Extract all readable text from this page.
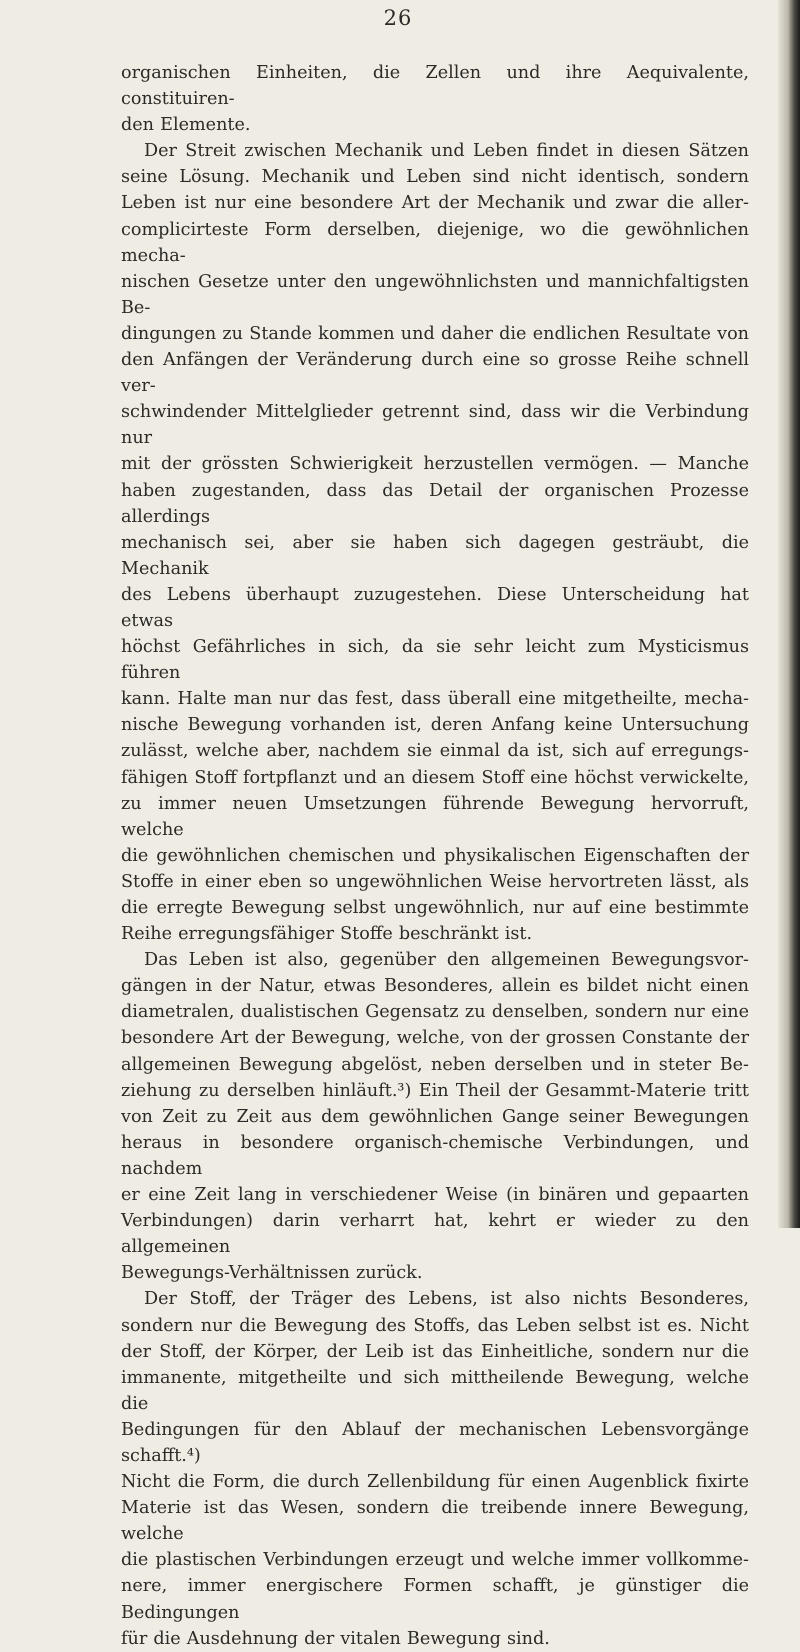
26

organischen Einheiten, die Zellen und ihre Aequivalente, constituiren-

den Elemente.

Der Streit zwischen Mechanik und Leben findet in diesen Sätzen

seine Lösung. Mechanik und Leben sind nicht identisch, sondern

Leben ist nur eine besondere Art der Mechanik und zwar die aller-

complicirteste Form derselben, diejenige, wo die gewöhnlichen mecha-

nischen Gesetze unter den ungewöhnlichsten und mannichfaltigsten Be-

dingungen zu Stande kommen und daher die endlichen Resultate von

den Anfängen der Veränderung durch eine so grosse Reihe schnell ver-

schwindender Mittelglieder getrennt sind, dass wir die Verbindung nur

mit der grössten Schwierigkeit herzustellen vermögen. — Manche

haben zugestanden, dass das Detail der organischen Prozesse allerdings

mechanisch sei, aber sie haben sich dagegen gesträubt, die Mechanik

des Lebens überhaupt zuzugestehen. Diese Unterscheidung hat etwas

höchst Gefährliches in sich, da sie sehr leicht zum Mysticismus führen

kann. Halte man nur das fest, dass überall eine mitgetheilte, mecha-

nische Bewegung vorhanden ist, deren Anfang keine Untersuchung

zulässt, welche aber, nachdem sie einmal da ist, sich auf erregungs-

fähigen Stoff fortpflanzt und an diesem Stoff eine höchst verwickelte,

zu immer neuen Umsetzungen führende Bewegung hervorruft, welche

die gewöhnlichen chemischen und physikalischen Eigenschaften der

Stoffe in einer eben so ungewöhnlichen Weise hervortreten lässt, als

die erregte Bewegung selbst ungewöhnlich, nur auf eine bestimmte

Reihe erregungsfähiger Stoffe beschränkt ist.

Das Leben ist also, gegenüber den allgemeinen Bewegungsvor-

gängen in der Natur, etwas Besonderes, allein es bildet nicht einen

diametralen, dualistischen Gegensatz zu denselben, sondern nur eine

besondere Art der Bewegung, welche, von der grossen Constante der

allgemeinen Bewegung abgelöst, neben derselben und in steter Be-

ziehung zu derselben hinläuft.³) Ein Theil der Gesammt-Materie tritt

von Zeit zu Zeit aus dem gewöhnlichen Gange seiner Bewegungen

heraus in besondere organisch-chemische Verbindungen, und nachdem

er eine Zeit lang in verschiedener Weise (in binären und gepaarten

Verbindungen) darin verharrt hat, kehrt er wieder zu den allgemeinen

Bewegungs-Verhältnissen zurück.

Der Stoff, der Träger des Lebens, ist also nichts Besonderes,

sondern nur die Bewegung des Stoffs, das Leben selbst ist es. Nicht

der Stoff, der Körper, der Leib ist das Einheitliche, sondern nur die

immanente, mitgetheilte und sich mittheilende Bewegung, welche die

Bedingungen für den Ablauf der mechanischen Lebensvorgänge schafft.⁴)

Nicht die Form, die durch Zellenbildung für einen Augenblick fixirte

Materie ist das Wesen, sondern die treibende innere Bewegung, welche

die plastischen Verbindungen erzeugt und welche immer vollkomme-

nere, immer energischere Formen schafft, je günstiger die Bedingungen

für die Ausdehnung der vitalen Bewegung sind.
